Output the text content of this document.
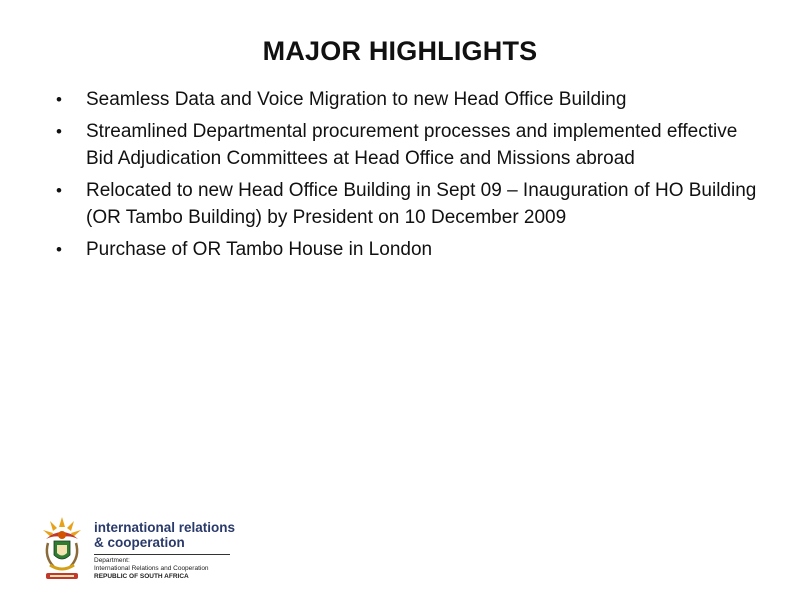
MAJOR HIGHLIGHTS
• Seamless Data and Voice Migration to new Head Office Building
• Streamlined Departmental procurement processes and implemented effective Bid Adjudication Committees at Head Office and Missions abroad
• Relocated to new Head Office Building in Sept 09 – Inauguration of HO Building (OR Tambo Building) by President on 10 December 2009
• Purchase of OR Tambo House in London
international relations
& cooperation
Department:
International Relations and Cooperation
REPUBLIC OF SOUTH AFRICA
